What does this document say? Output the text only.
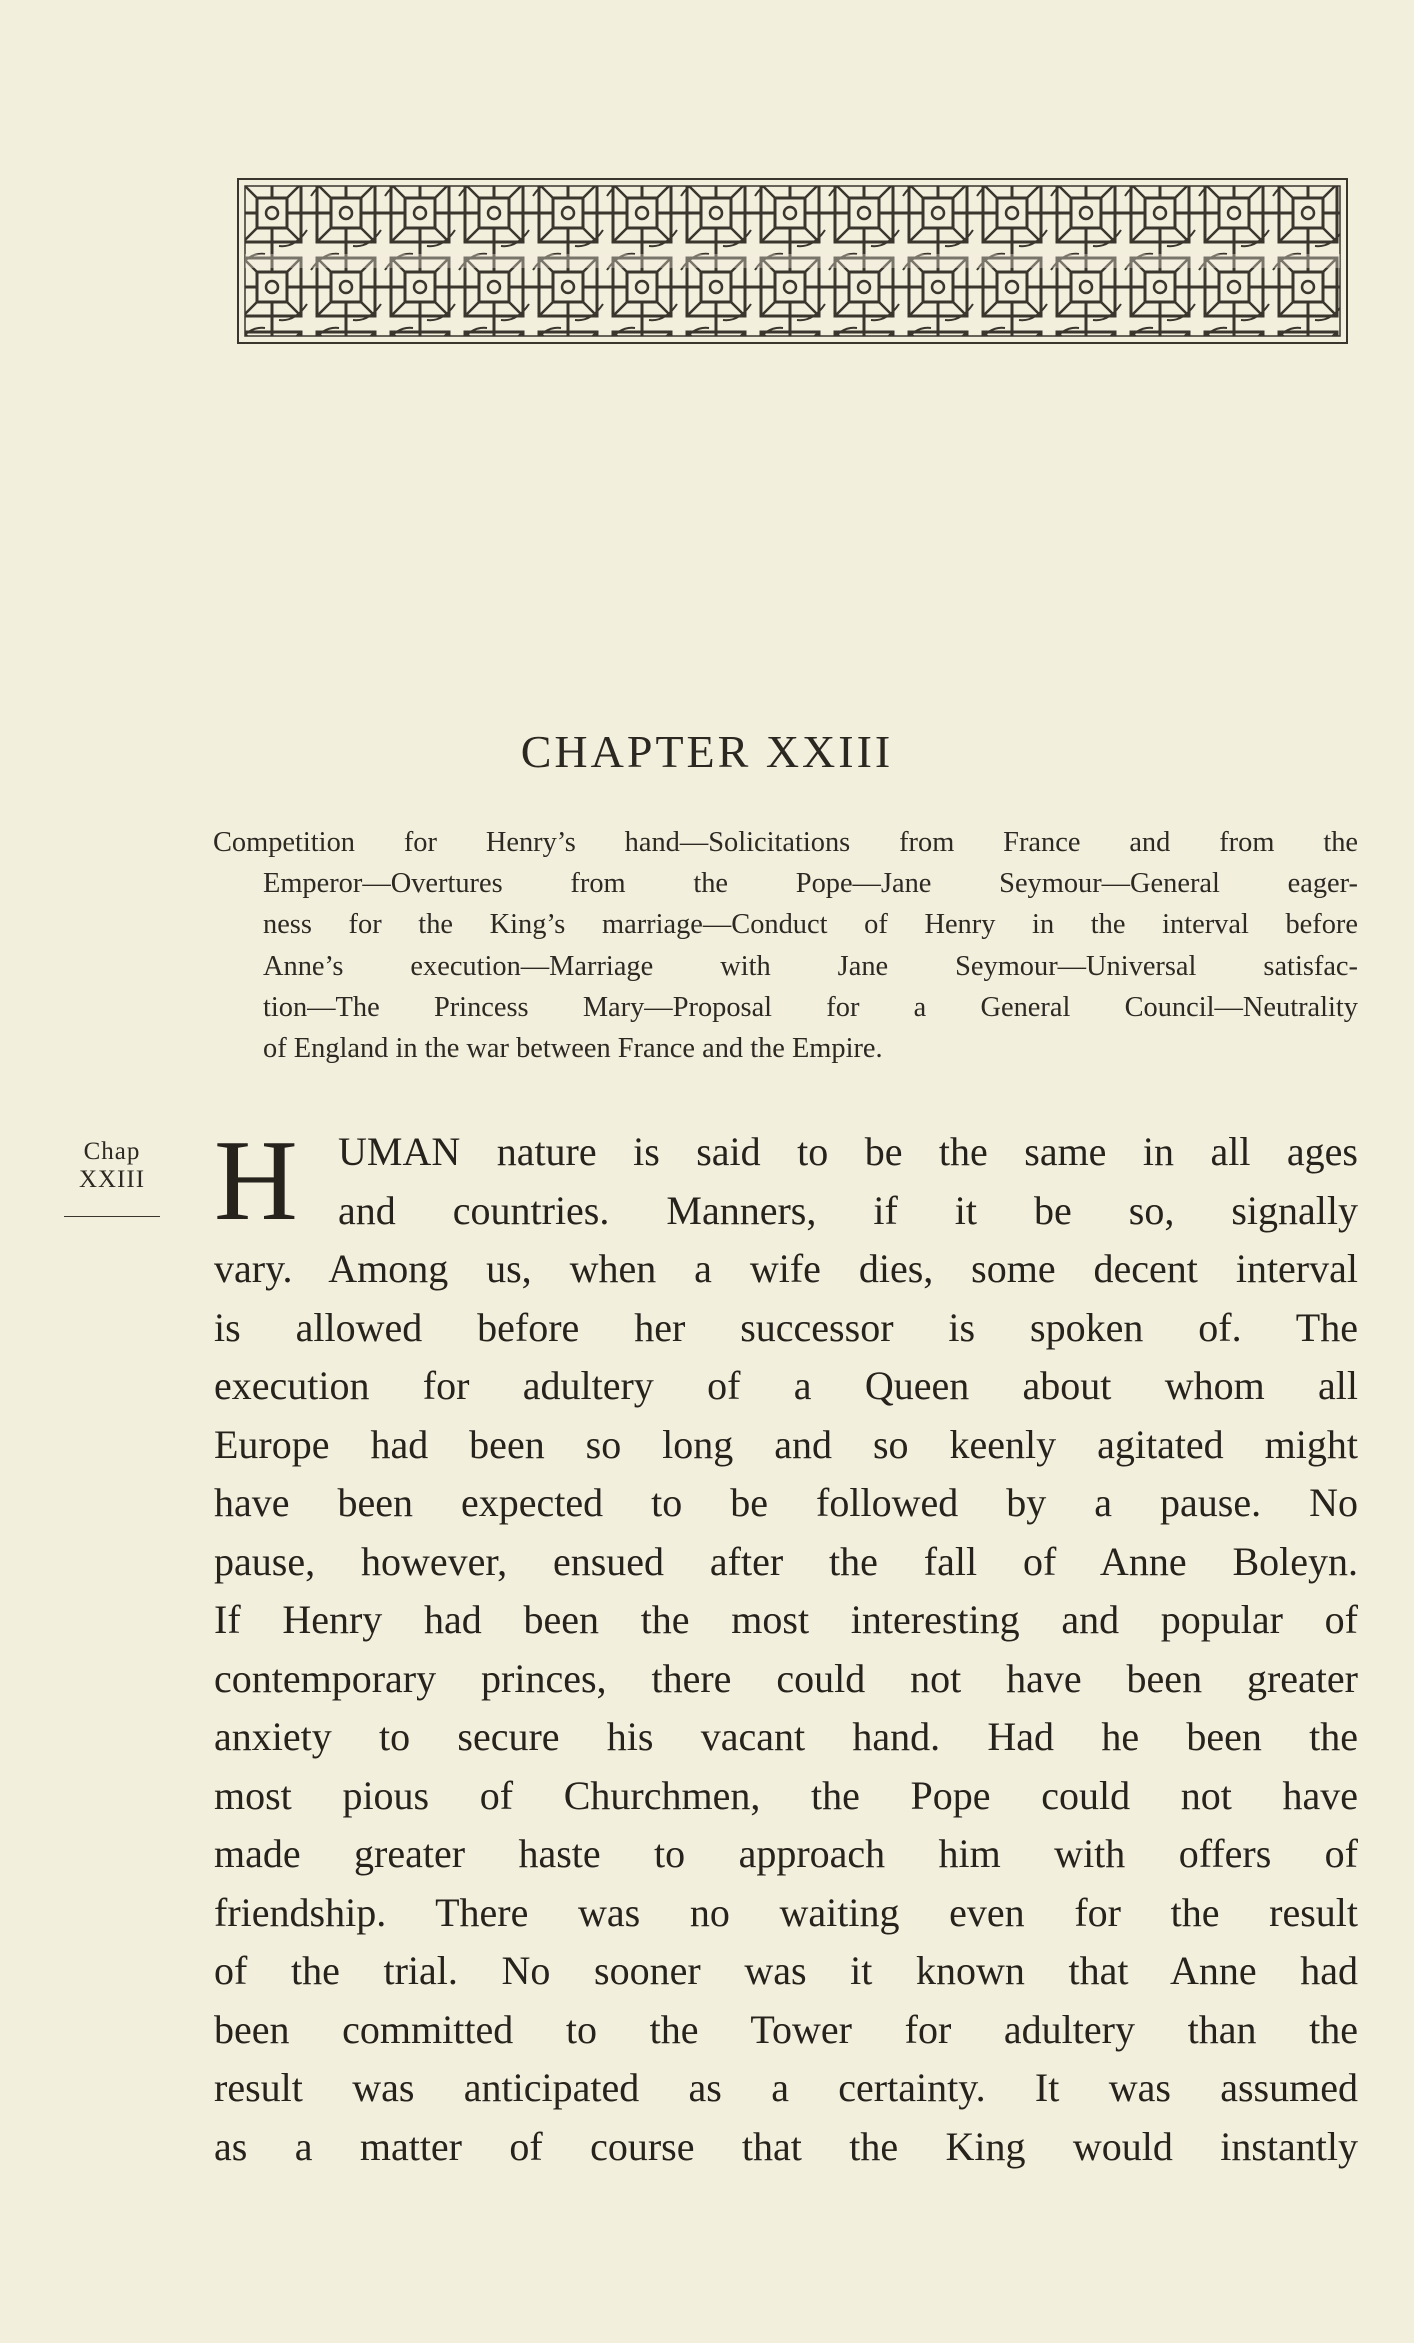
CHAPTER XXIII
Competition for Henry’s hand—Solicitations from France and from the
Emperor—Overtures from the Pope—Jane Seymour—General eager-
ness for the King’s marriage—Conduct of Henry in the interval before
Anne’s execution—Marriage with Jane Seymour—Universal satisfac-
tion—The Princess Mary—Proposal for a General Council—Neutrality
of England in the war between France and the Empire.
Chap
XXIII H UMAN nature is said to be the same in all ages
and countries. Manners, if it be so, signally
vary. Among us, when a wife dies, some decent interval
is allowed before her successor is spoken of. The
execution for adultery of a Queen about whom all
Europe had been so long and so keenly agitated might
have been expected to be followed by a pause. No
pause, however, ensued after the fall of Anne Boleyn.
If Henry had been the most interesting and popular of
contemporary princes, there could not have been greater
anxiety to secure his vacant hand. Had he been the
most pious of Churchmen, the Pope could not have
made greater haste to approach him with offers of
friendship. There was no waiting even for the result
of the trial. No sooner was it known that Anne had
been committed to the Tower for adultery than the
result was anticipated as a certainty. It was assumed
as a matter of course that the King would instantly
